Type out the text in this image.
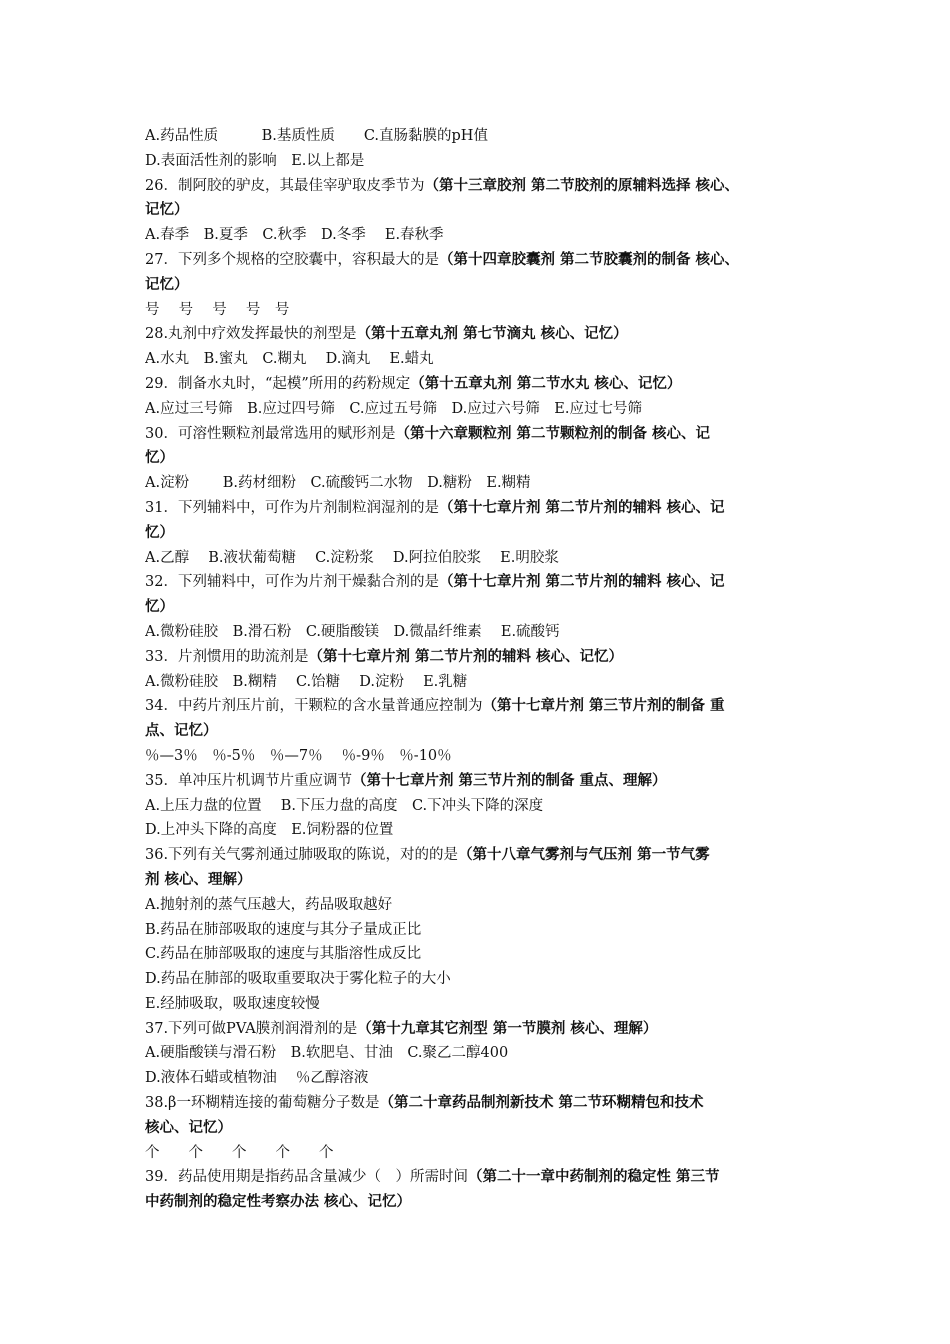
A.药品性质　　　B.基质性质　　C.直肠黏膜的pH值
D.表面活性剂的影响　E.以上都是
26．制阿胶的驴皮，其最佳宰驴取皮季节为（第十三章胶剂 第二节胶剂的原辅料选择 核心、
记忆）
A.春季　B.夏季　C.秋季　D.冬季　 E.春秋季
27．下列多个规格的空胶囊中，容积最大的是（第十四章胶囊剂 第二节胶囊剂的制备 核心、
记忆）
号　 号　 号　 号　号
28.丸剂中疗效发挥最快的剂型是（第十五章丸剂 第七节滴丸 核心、记忆）
A.水丸　B.蜜丸　C.糊丸　 D.滴丸　 E.蜡丸
29．制备水丸时，“起模”所用的药粉规定（第十五章丸剂 第二节水丸 核心、记忆）
A.应过三号筛　B.应过四号筛　C.应过五号筛　D.应过六号筛　E.应过七号筛
30．可溶性颗粒剂最常选用的赋形剂是（第十六章颗粒剂 第二节颗粒剂的制备 核心、记
忆）
A.淀粉　　 B.药材细粉　C.硫酸钙二水物　D.糖粉　E.糊精
31．下列辅料中，可作为片剂制粒润湿剂的是（第十七章片剂 第二节片剂的辅料 核心、记
忆）
A.乙醇　 B.液状葡萄糖　 C.淀粉浆　 D.阿拉伯胶浆　 E.明胶浆
32．下列辅料中，可作为片剂干燥黏合剂的是（第十七章片剂 第二节片剂的辅料 核心、记
忆）
A.微粉硅胶　B.滑石粉　C.硬脂酸镁　D.微晶纤维素　 E.硫酸钙
33．片剂惯用的助流剂是（第十七章片剂 第二节片剂的辅料 核心、记忆）
A.微粉硅胶　B.糊精　 C.饴糖　 D.淀粉　 E.乳糖
34．中药片剂压片前，干颗粒的含水量普通应控制为（第十七章片剂 第三节片剂的制备 重
点、记忆）
％—3％　％-5％　％—7％　 ％-9％　％-10％
35．单冲压片机调节片重应调节（第十七章片剂 第三节片剂的制备 重点、理解）
A.上压力盘的位置　 B.下压力盘的高度　C.下冲头下降的深度
D.上冲头下降的高度　E.饲粉器的位置
36.下列有关气雾剂通过肺吸取的陈说，对的的是（第十八章气雾剂与气压剂 第一节气雾
剂 核心、理解）
A.抛射剂的蒸气压越大，药品吸取越好
B.药品在肺部吸取的速度与其分子量成正比
C.药品在肺部吸取的速度与其脂溶性成反比
D.药品在肺部的吸取重要取决于雾化粒子的大小
E.经肺吸取，吸取速度较慢
37.下列可做PVA膜剂润滑剂的是（第十九章其它剂型 第一节膜剂 核心、理解）
A.硬脂酸镁与滑石粉　B.软肥皂、甘油　C.聚乙二醇400
D.液体石蜡或植物油　 ％乙醇溶液
38.β一环糊精连接的葡萄糖分子数是（第二十章药品制剂新技术 第二节环糊精包和技术
核心、记忆）
个　　个　　个　　个　　个
39．药品使用期是指药品含量减少（　）所需时间（第二十一章中药制剂的稳定性 第三节
中药制剂的稳定性考察办法 核心、记忆）
